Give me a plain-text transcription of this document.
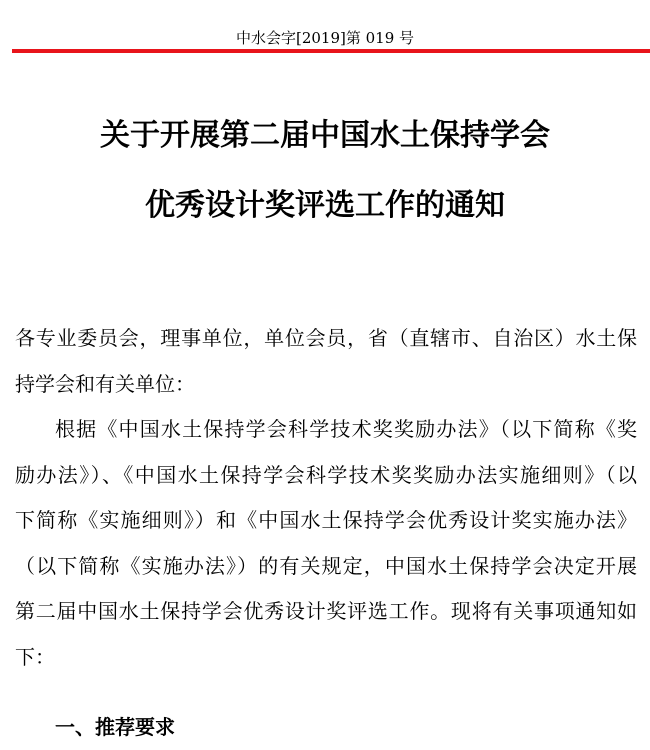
中水会字[2019]第 019 号
关于开展第二届中国水土保持学会
优秀设计奖评选工作的通知
各专业委员会，理事单位，单位会员，省（直辖市、自治区）水土保
持学会和有关单位：
根据《中国水土保持学会科学技术奖奖励办法》（以下简称《奖
励办法》）、《中国水土保持学会科学技术奖奖励办法实施细则》（以
下简称《实施细则》）和《中国水土保持学会优秀设计奖实施办法》
（以下简称《实施办法》）的有关规定，中国水土保持学会决定开展
第二届中国水土保持学会优秀设计奖评选工作。现将有关事项通知如
下：
一、推荐要求
